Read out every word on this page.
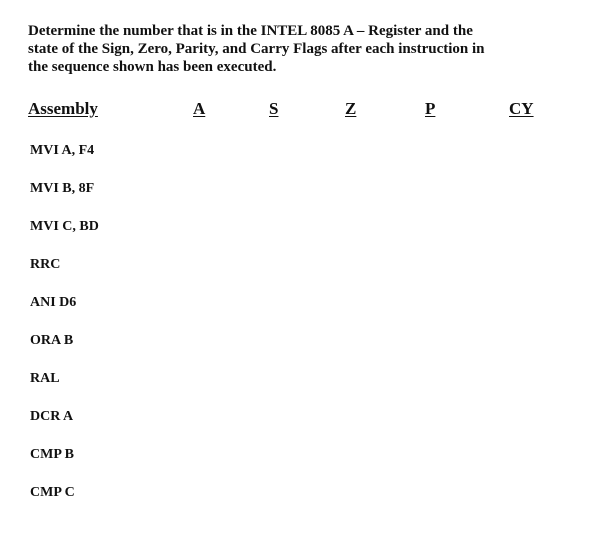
Determine the number that is in the INTEL 8085 A – Register and the
state of the Sign, Zero, Parity, and Carry Flags after each instruction in
the sequence shown has been executed.
Assembly	A	S	Z	P	CY
MVI A, F4
MVI B, 8F
MVI C, BD
RRC
ANI D6
ORA B
RAL
DCR A
CMP B
CMP C
